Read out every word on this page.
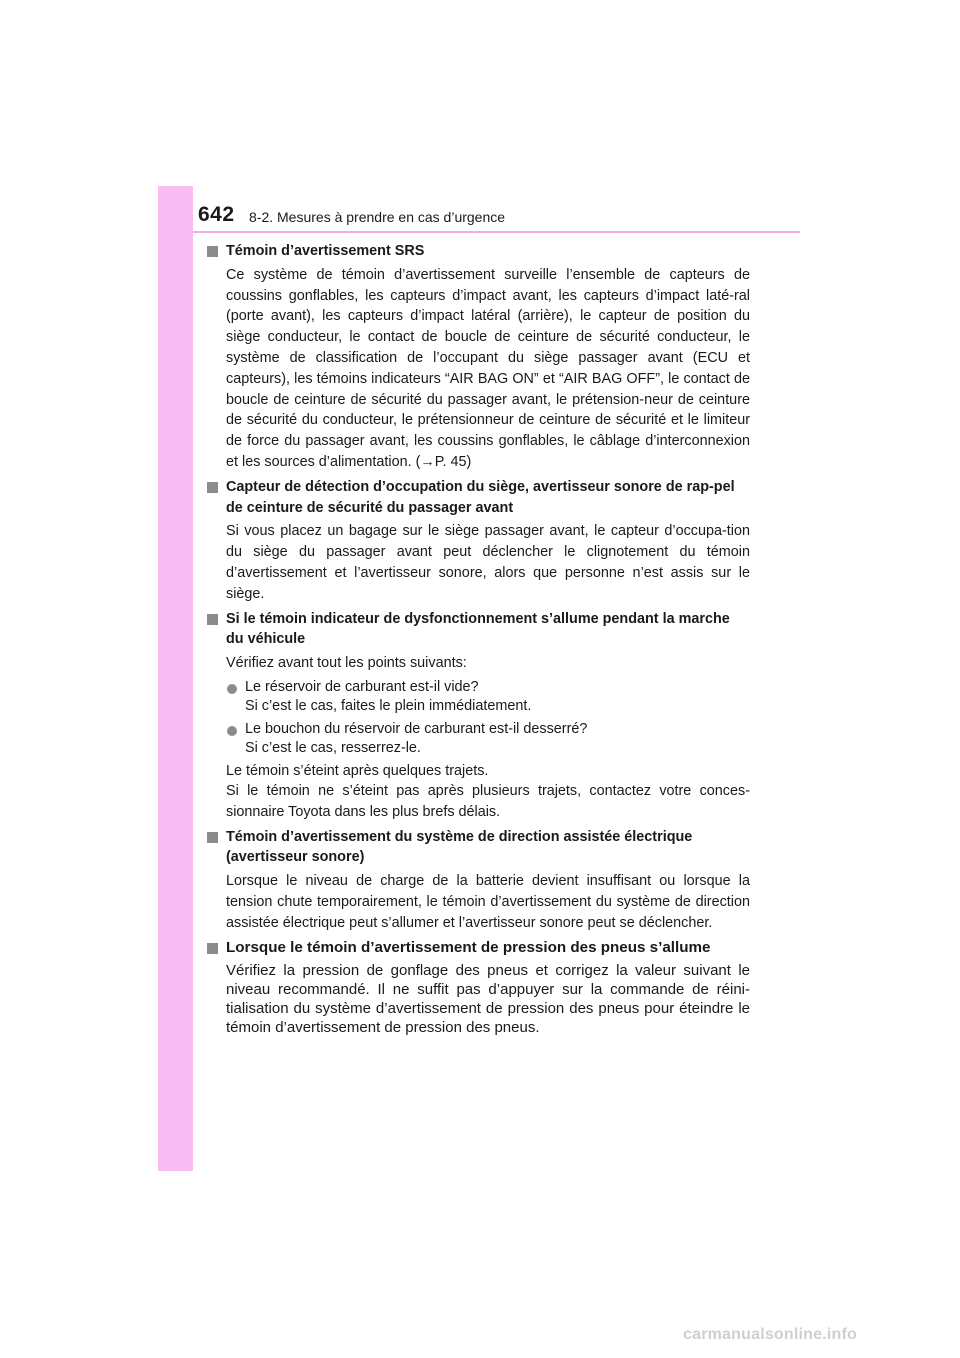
642 8-2. Mesures à prendre en cas d’urgence
Témoin d’avertissement SRS

Ce système de témoin d’avertissement surveille l’ensemble de capteurs de coussins gonflables, les capteurs d’impact avant, les capteurs d’impact laté-ral (porte avant), les capteurs d’impact latéral (arrière), le capteur de position du siège conducteur, le contact de boucle de ceinture de sécurité conducteur, le système de classification de l’occupant du siège passager avant (ECU et capteurs), les témoins indicateurs “AIR BAG ON” et “AIR BAG OFF”, le contact de boucle de ceinture de sécurité du passager avant, le prétension-neur de ceinture de sécurité du conducteur, le prétensionneur de ceinture de sécurité et le limiteur de force du passager avant, les coussins gonflables, le câblage d’interconnexion et les sources d’alimentation. (→P. 45)

Capteur de détection d’occupation du siège, avertisseur sonore de rap-pel de ceinture de sécurité du passager avant

Si vous placez un bagage sur le siège passager avant, le capteur d’occupa-tion du siège du passager avant peut déclencher le clignotement du témoin d’avertissement et l’avertisseur sonore, alors que personne n’est assis sur le siège.

Si le témoin indicateur de dysfonctionnement s’allume pendant la marche du véhicule

Vérifiez avant tout les points suivants:

Le réservoir de carburant est-il vide?
Si c’est le cas, faites le plein immédiatement.
Le bouchon du réservoir de carburant est-il desserré?
Si c’est le cas, resserrez-le.

Le témoin s’éteint après quelques trajets.

Si le témoin ne s’éteint pas après plusieurs trajets, contactez votre conces-sionnaire Toyota dans les plus brefs délais.

Témoin d’avertissement du système de direction assistée électrique (avertisseur sonore)

Lorsque le niveau de charge de la batterie devient insuffisant ou lorsque la tension chute temporairement, le témoin d’avertissement du système de direction assistée électrique peut s’allumer et l’avertisseur sonore peut se déclencher.

Lorsque le témoin d’avertissement de pression des pneus s’allume

Vérifiez la pression de gonflage des pneus et corrigez la valeur suivant le niveau recommandé. Il ne suffit pas d’appuyer sur la commande de réini-tialisation du système d’avertissement de pression des pneus pour éteindre le témoin d’avertissement de pression des pneus.

carmanualsonline.info
